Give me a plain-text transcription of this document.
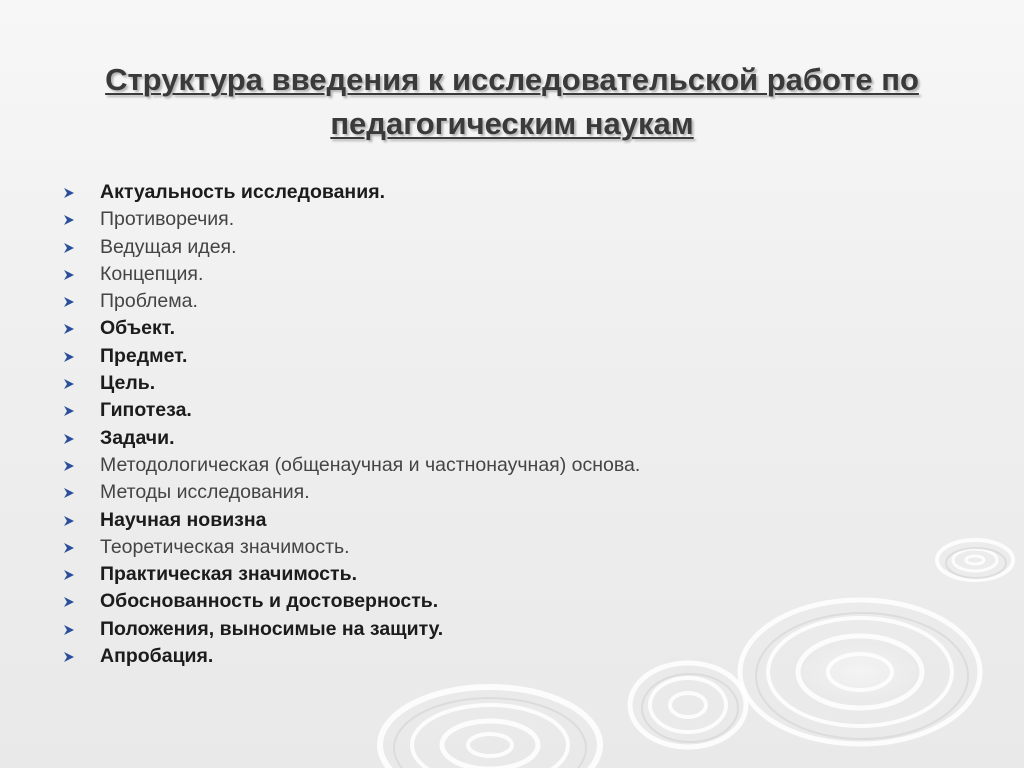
Структура введения к исследовательской работе по
педагогическим наукам
Актуальность исследования.
Противоречия.
Ведущая идея.
Концепция.
Проблема.
Объект.
Предмет.
Цель.
Гипотеза.
Задачи.
Методологическая (общенаучная и частнонаучная) основа.
Методы исследования.
Научная новизна
Теоретическая значимость.
Практическая значимость.
Обоснованность и достоверность.
Положения, выносимые на защиту.
Апробация.
